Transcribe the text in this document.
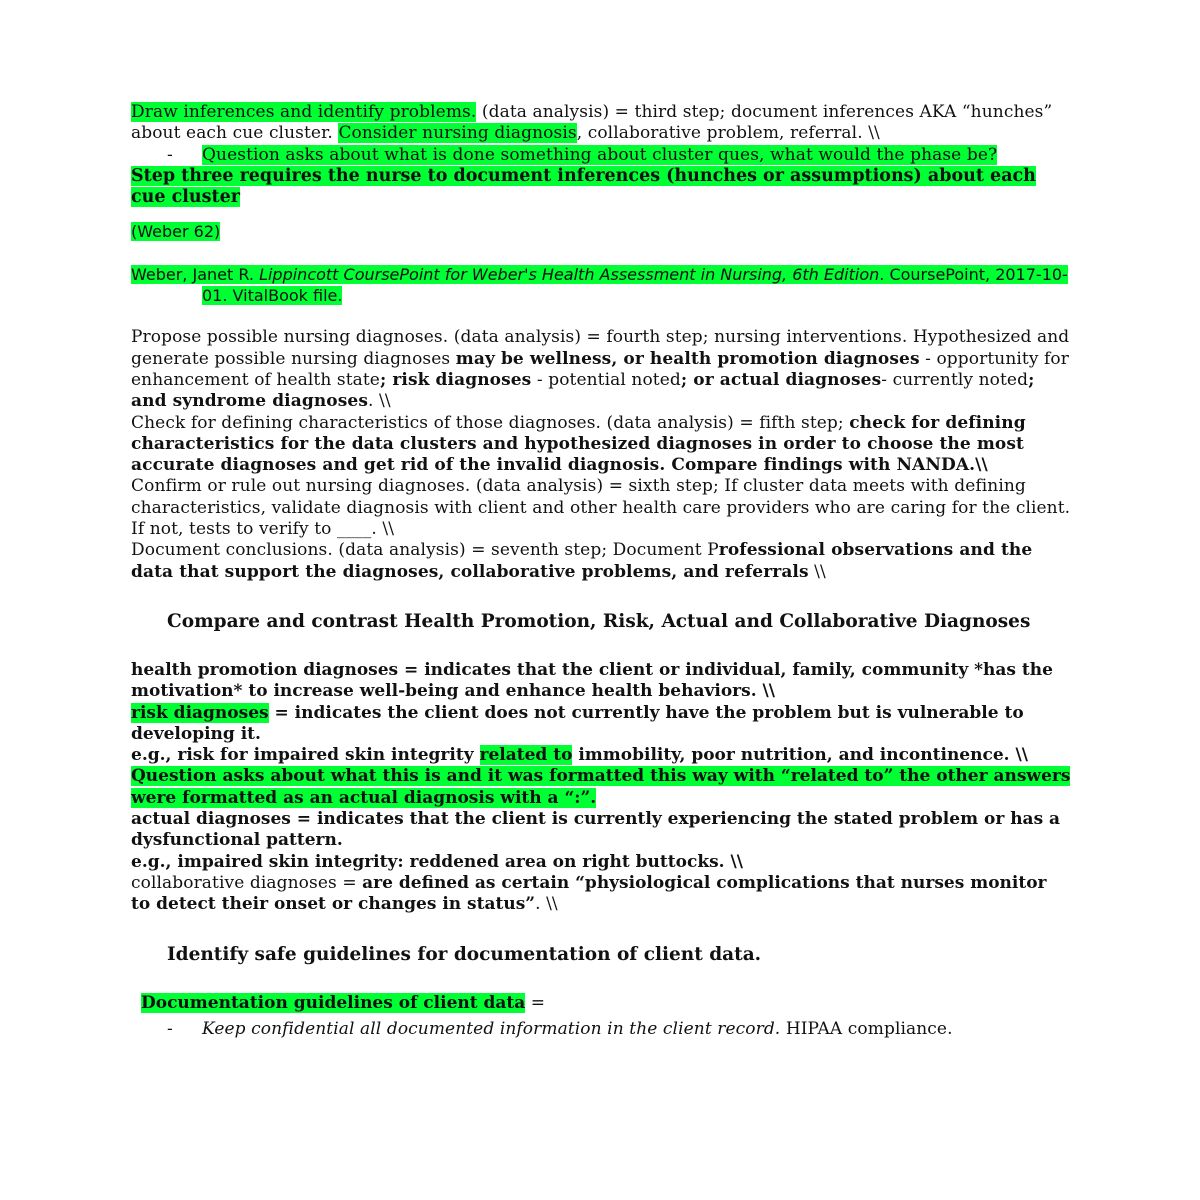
Draw inferences and identify problems. (data analysis) = third step; document inferences AKA “hunches” about each cue cluster. Consider nursing diagnosis, collaborative problem, referral. \\

- Question asks about what is done something about cluster ques, what would the phase be?

Step three requires the nurse to document inferences (hunches or assumptions) about each cue cluster

(Weber 62)

Weber, Janet R. Lippincott CoursePoint for Weber's Health Assessment in Nursing, 6th Edition. CoursePoint, 2017-10-01. VitalBook file.

Propose possible nursing diagnoses. (data analysis) = fourth step; nursing interventions. Hypothesized and generate possible nursing diagnoses may be wellness, or health promotion diagnoses - opportunity for enhancement of health state; risk diagnoses - potential noted; or actual diagnoses- currently noted; and syndrome diagnoses. \\

Check for defining characteristics of those diagnoses. (data analysis) = fifth step; check for defining characteristics for the data clusters and hypothesized diagnoses in order to choose the most accurate diagnoses and get rid of the invalid diagnosis. Compare findings with NANDA.\\

Confirm or rule out nursing diagnoses. (data analysis) = sixth step; If cluster data meets with defining characteristics, validate diagnosis with client and other health care providers who are caring for the client. If not, tests to verify to ____. \\

Document conclusions. (data analysis) = seventh step; Document Professional observations and the data that support the diagnoses, collaborative problems, and referrals \\

Compare and contrast Health Promotion, Risk, Actual and Collaborative Diagnoses

health promotion diagnoses = indicates that the client or individual, family, community *has the motivation* to increase well-being and enhance health behaviors. \\

risk diagnoses = indicates the client does not currently have the problem but is vulnerable to developing it.

e.g., risk for impaired skin integrity related to immobility, poor nutrition, and incontinence. \\ Question asks about what this is and it was formatted this way with “related to” the other answers were formatted as an actual diagnosis with a “:”.

actual diagnoses = indicates that the client is currently experiencing the stated problem or has a dysfunctional pattern.

e.g., impaired skin integrity: reddened area on right buttocks. \\

collaborative diagnoses = are defined as certain “physiological complications that nurses monitor to detect their onset or changes in status”. \\

Identify safe guidelines for documentation of client data.

Documentation guidelines of client data =

- Keep confidential all documented information in the client record. HIPAA compliance.
